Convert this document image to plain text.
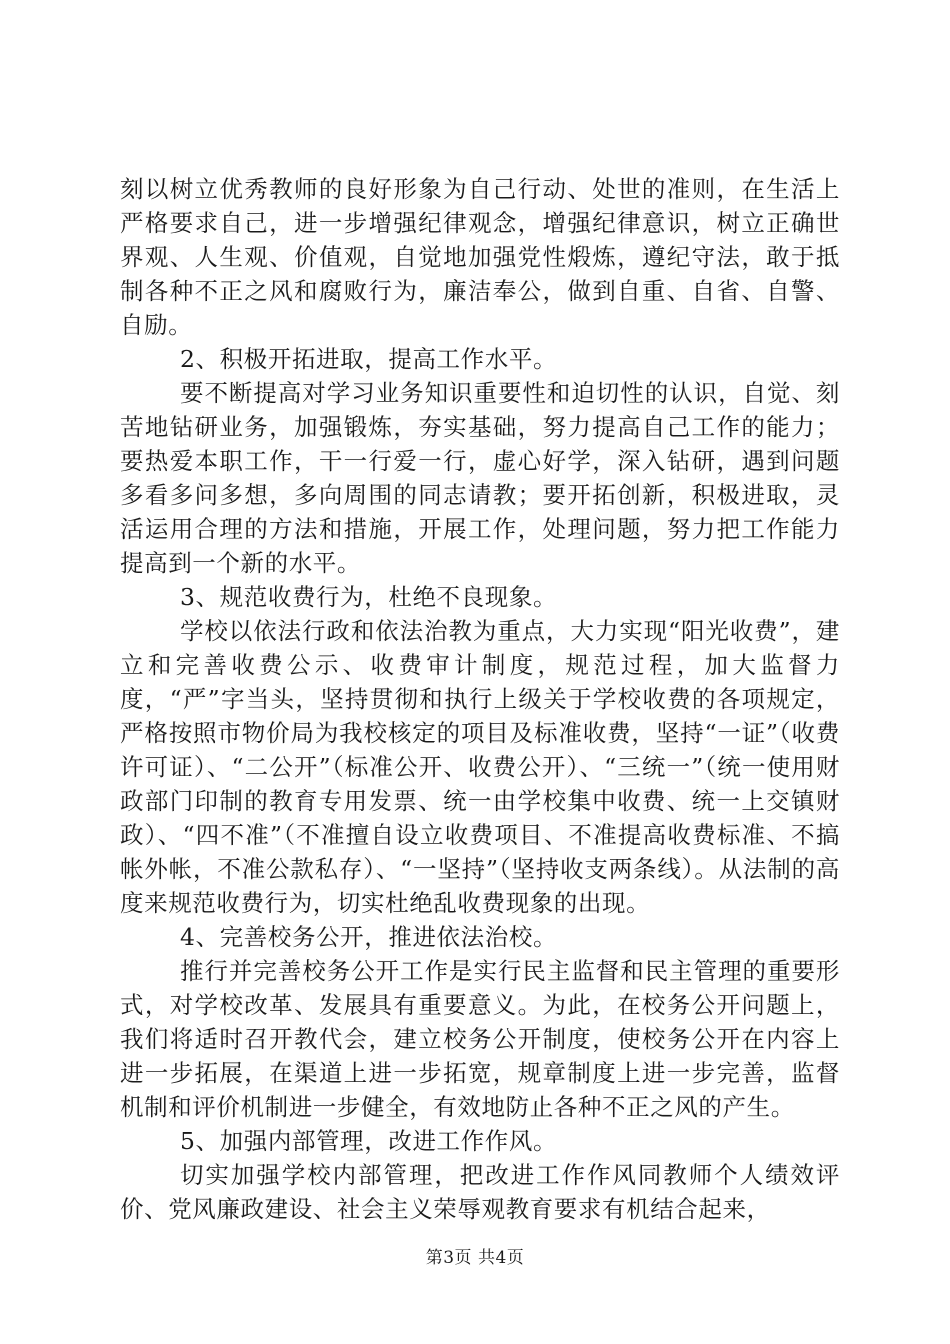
刻以树立优秀教师的良好形象为自己行动、处世的准则，在生活上严格要求自己，进一步增强纪律观念，增强纪律意识，树立正确世界观、人生观、价值观，自觉地加强党性煅炼，遵纪守法，敢于抵制各种不正之风和腐败行为，廉洁奉公，做到自重、自省、自警、自励。

2、积极开拓进取，提高工作水平。

要不断提高对学习业务知识重要性和迫切性的认识，自觉、刻苦地钻研业务，加强锻炼，夯实基础，努力提高自己工作的能力；要热爱本职工作，干一行爱一行，虚心好学，深入钻研，遇到问题多看多问多想，多向周围的同志请教；要开拓创新，积极进取，灵活运用合理的方法和措施，开展工作，处理问题，努力把工作能力提高到一个新的水平。

3、规范收费行为，杜绝不良现象。

学校以依法行政和依法治教为重点，大力实现“阳光收费”，建立和完善收费公示、收费审计制度，规范过程，加大监督力度，“严”字当头，坚持贯彻和执行上级关于学校收费的各项规定，严格按照市物价局为我校核定的项目及标准收费，坚持“一证”（收费许可证）、“二公开”（标准公开、收费公开）、“三统一”（统一使用财政部门印制的教育专用发票、统一由学校集中收费、统一上交镇财政）、“四不准”（不准擅自设立收费项目、不准提高收费标准、不搞帐外帐，不准公款私存）、“一坚持”（坚持收支两条线）。从法制的高度来规范收费行为，切实杜绝乱收费现象的出现。

4、完善校务公开，推进依法治校。

推行并完善校务公开工作是实行民主监督和民主管理的重要形式，对学校改革、发展具有重要意义。为此，在校务公开问题上，我们将适时召开教代会，建立校务公开制度，使校务公开在内容上进一步拓展，在渠道上进一步拓宽，规章制度上进一步完善，监督机制和评价机制进一步健全，有效地防止各种不正之风的产生。

5、加强内部管理，改进工作作风。

切实加强学校内部管理，把改进工作作风同教师个人绩效评价、党风廉政建设、社会主义荣辱观教育要求有机结合起来，

第3页 共4页
